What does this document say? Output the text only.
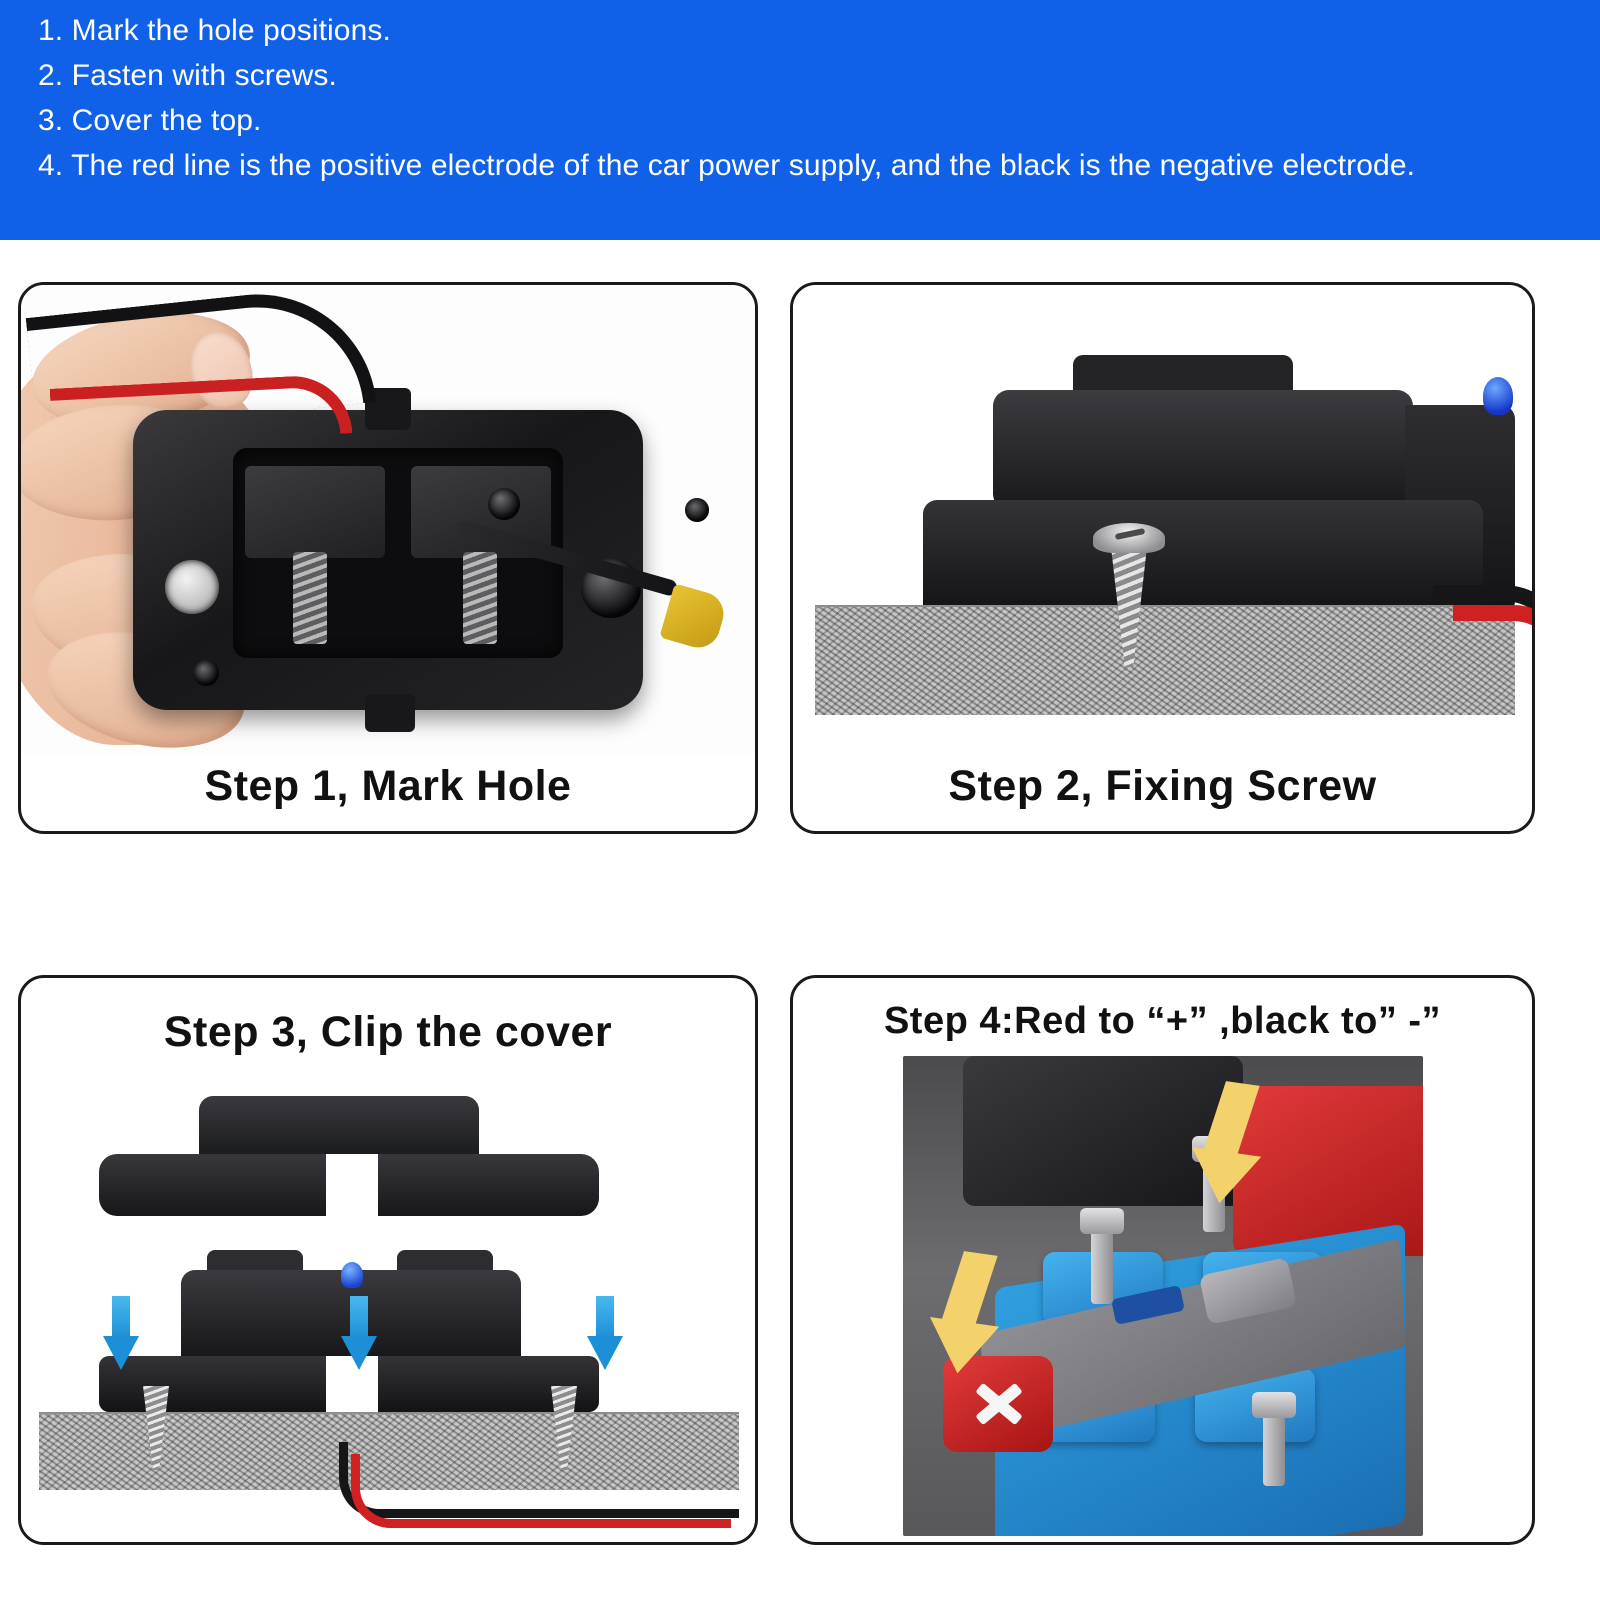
1. Mark the hole positions.
2. Fasten with screws.
3. Cover the top.
4. The red line is the positive electrode of the car power supply, and the black is the negative electrode.
Step 1, Mark Hole	Step 2, Fixing Screw
Step 3, Clip the cover	Step 4:Red to “+” ,black to” -”
